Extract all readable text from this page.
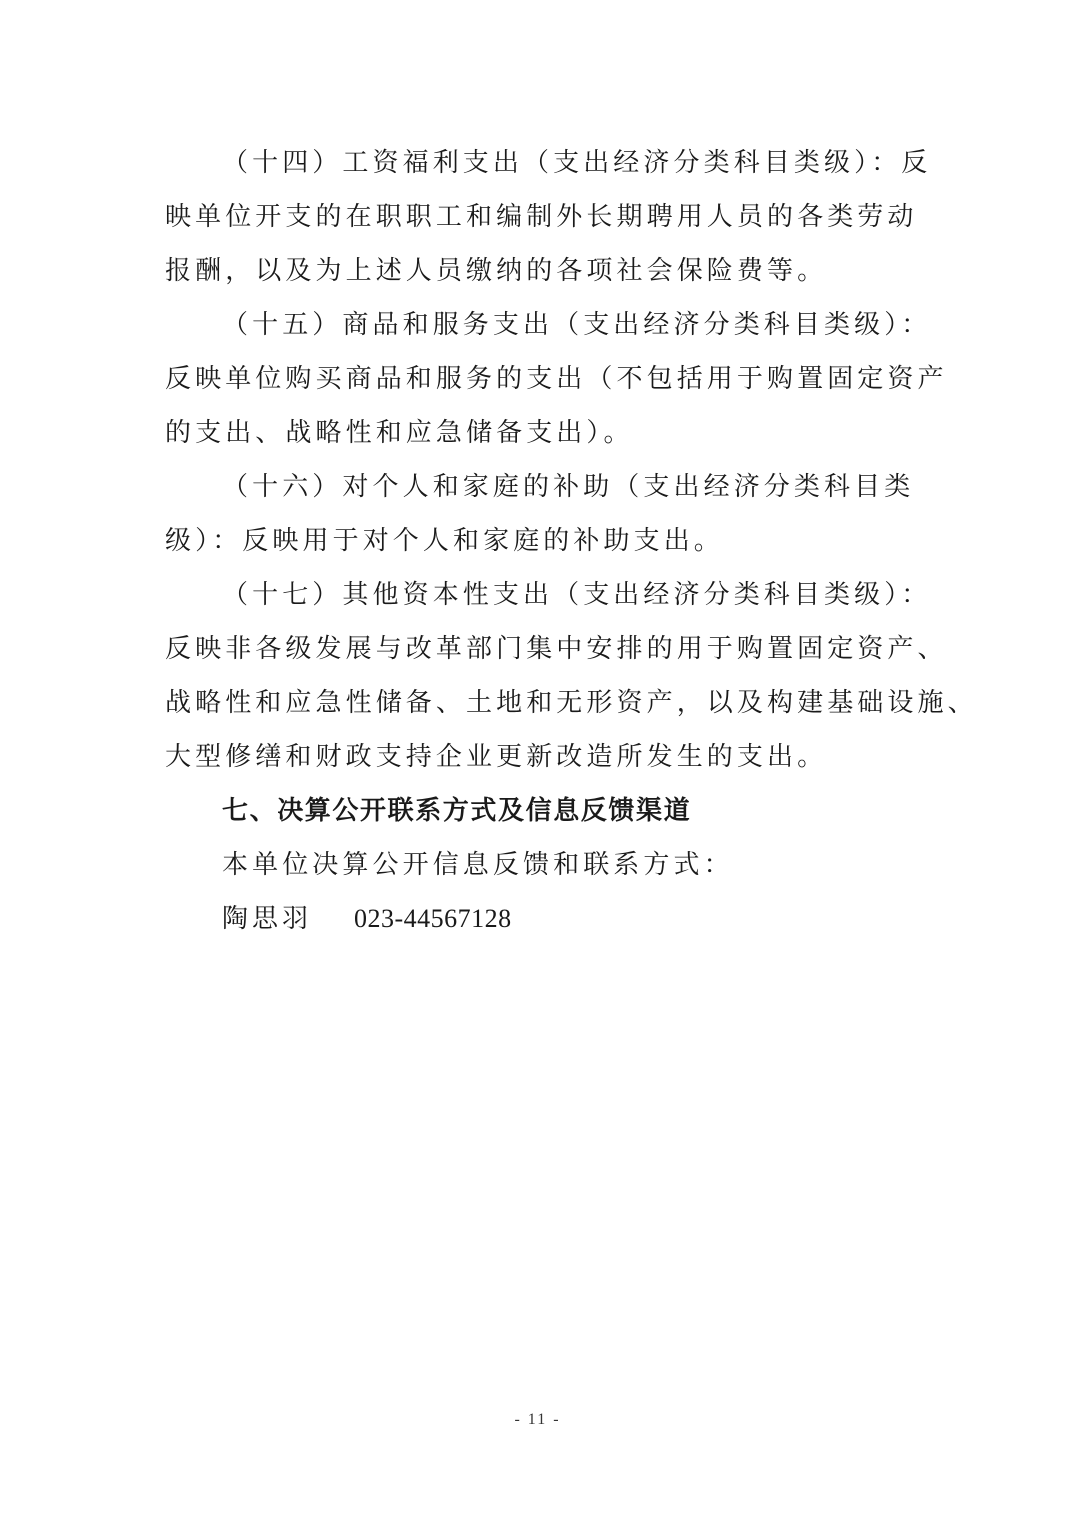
（十四）工资福利支出（支出经济分类科目类级）：反
映单位开支的在职职工和编制外长期聘用人员的各类劳动
报酬，以及为上述人员缴纳的各项社会保险费等。
（十五）商品和服务支出（支出经济分类科目类级）：
反映单位购买商品和服务的支出（不包括用于购置固定资产
的支出、战略性和应急储备支出）。
（十六）对个人和家庭的补助（支出经济分类科目类
级）：反映用于对个人和家庭的补助支出。
（十七）其他资本性支出（支出经济分类科目类级）：
反映非各级发展与改革部门集中安排的用于购置固定资产、
战略性和应急性储备、土地和无形资产，以及构建基础设施、
大型修缮和财政支持企业更新改造所发生的支出。
七、决算公开联系方式及信息反馈渠道
本单位决算公开信息反馈和联系方式：
陶思羽 023-44567128
- 11 -
